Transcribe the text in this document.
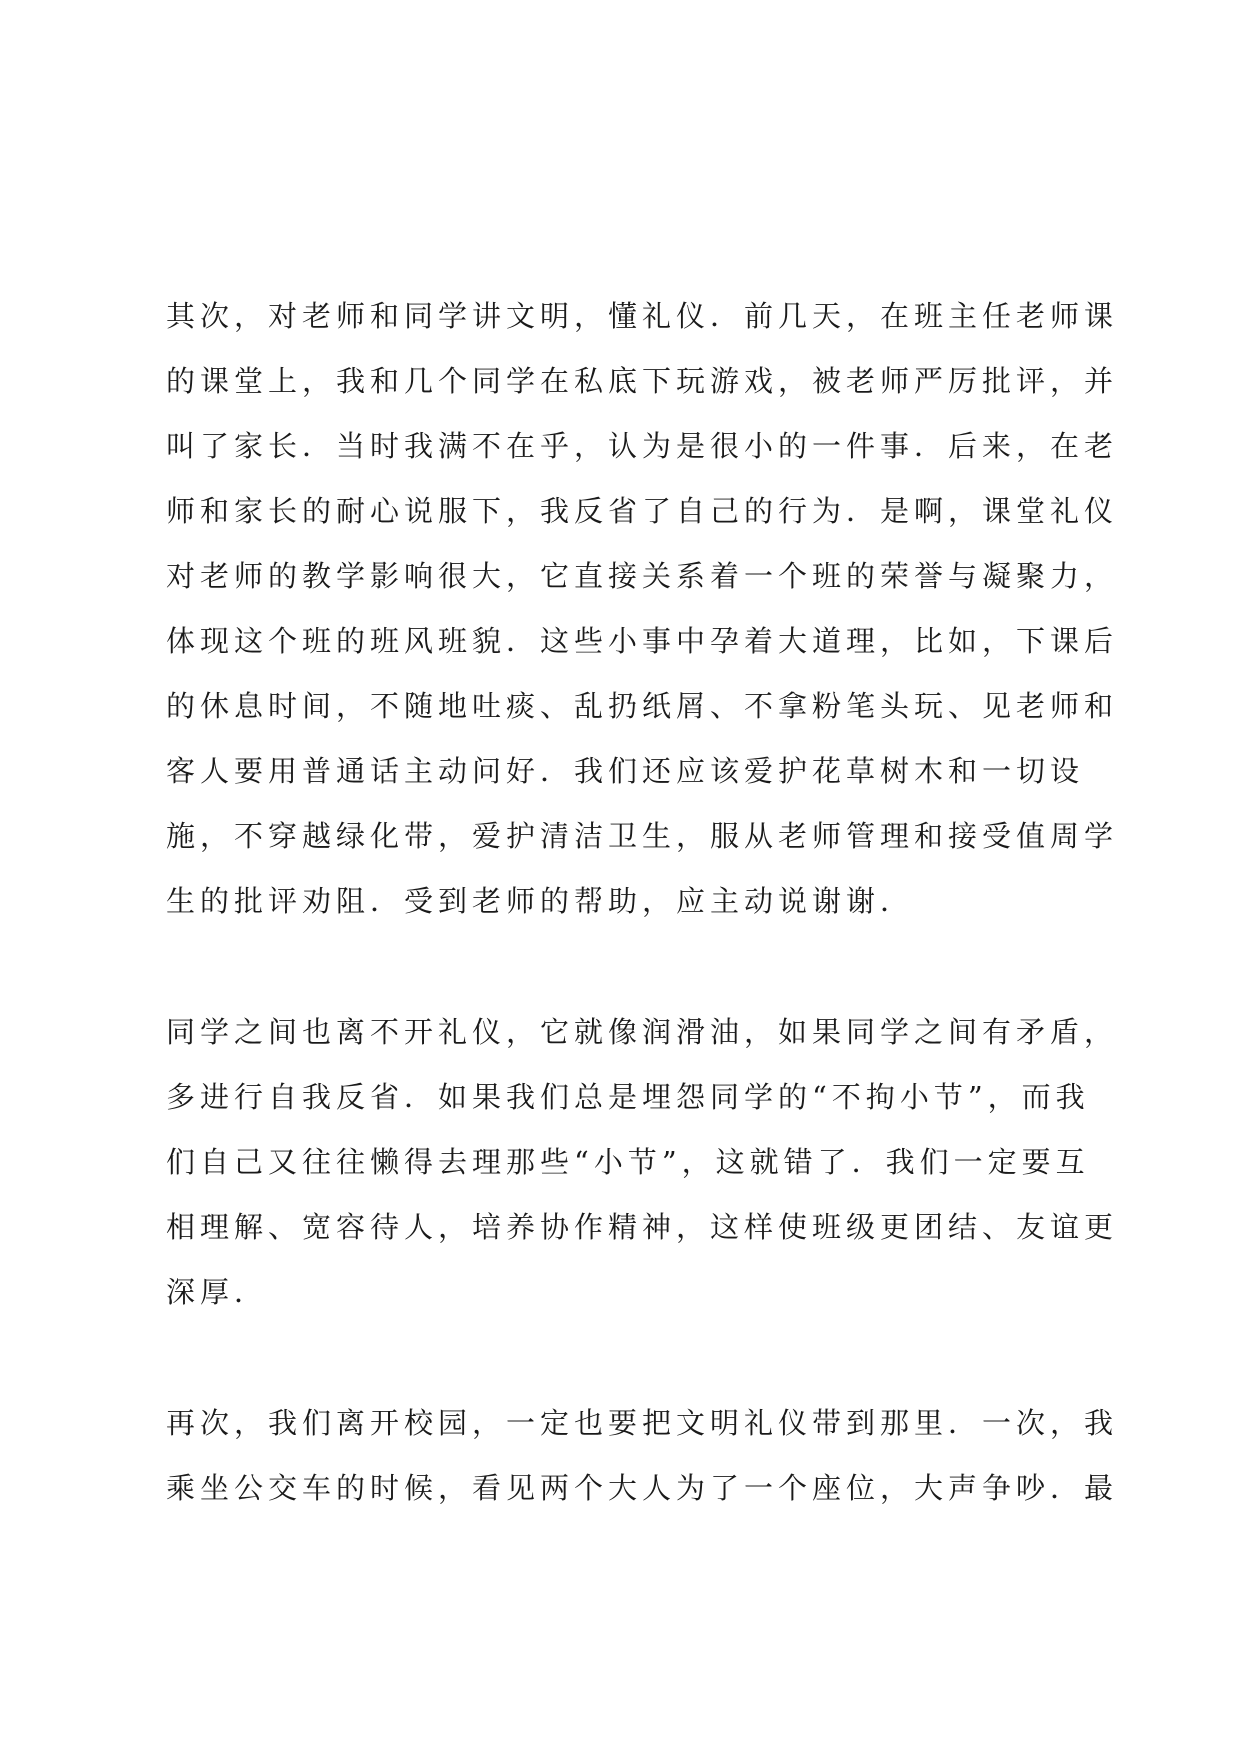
其次，对老师和同学讲文明，懂礼仪．前几天，在班主任老师课
的课堂上，我和几个同学在私底下玩游戏，被老师严厉批评，并
叫了家长．当时我满不在乎，认为是很小的一件事．后来，在老
师和家长的耐心说服下，我反省了自己的行为．是啊，课堂礼仪
对老师的教学影响很大，它直接关系着一个班的荣誉与凝聚力，
体现这个班的班风班貌．这些小事中孕着大道理，比如，下课后
的休息时间，不随地吐痰、乱扔纸屑、不拿粉笔头玩、见老师和
客人要用普通话主动问好．我们还应该爱护花草树木和一切设
施，不穿越绿化带，爱护清洁卫生，服从老师管理和接受值周学
生的批评劝阻．受到老师的帮助，应主动说谢谢．
同学之间也离不开礼仪，它就像润滑油，如果同学之间有矛盾，
多进行自我反省．如果我们总是埋怨同学的“不拘小节”，而我
们自己又往往懒得去理那些“小节”，这就错了．我们一定要互
相理解、宽容待人，培养协作精神，这样使班级更团结、友谊更
深厚．
再次，我们离开校园，一定也要把文明礼仪带到那里．一次，我
乘坐公交车的时候，看见两个大人为了一个座位，大声争吵．最
